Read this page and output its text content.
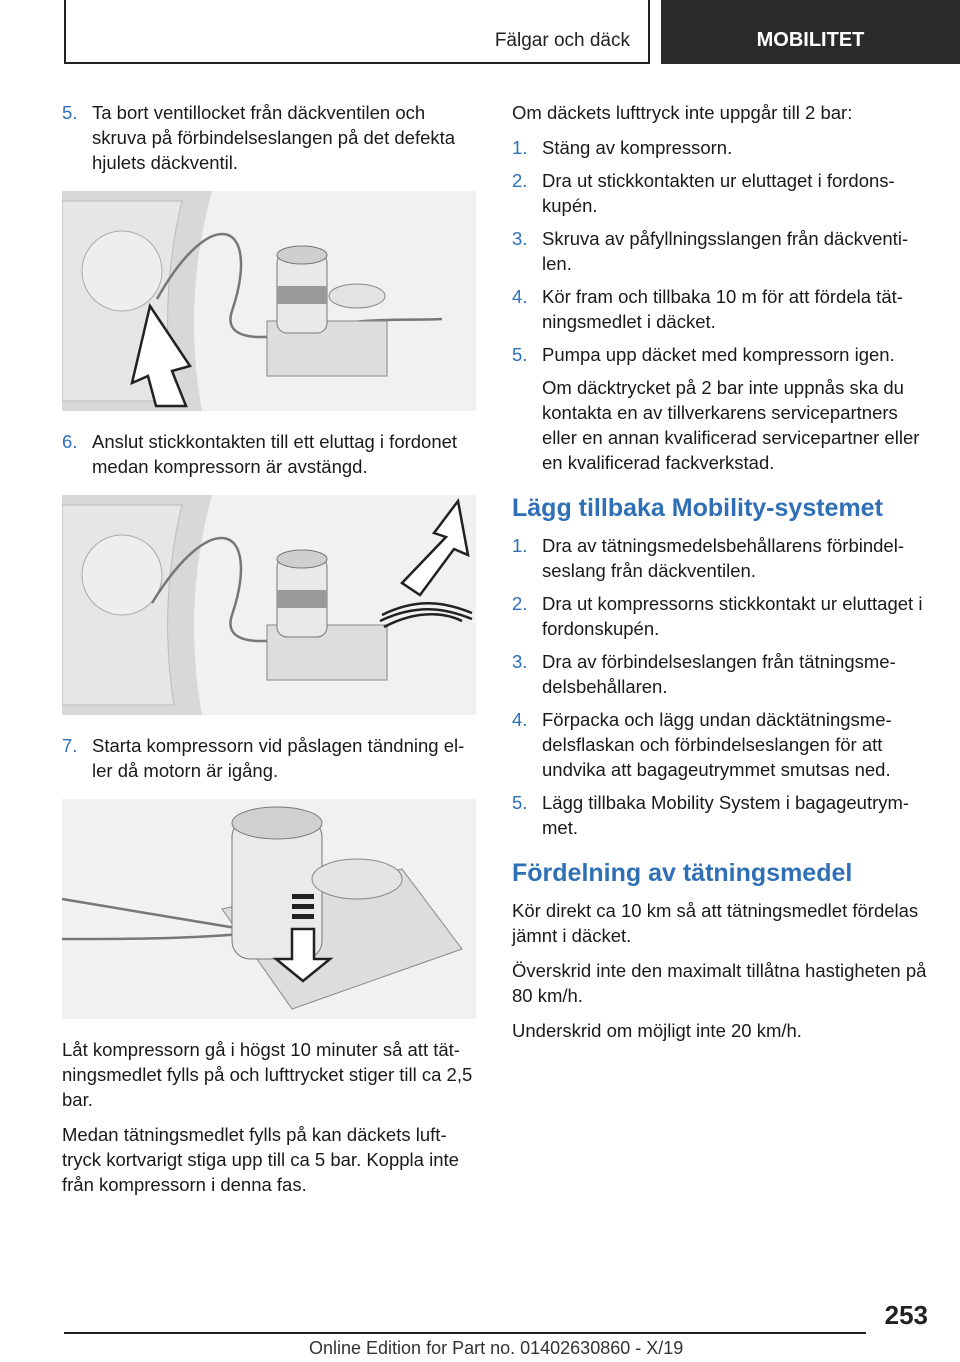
Fälgar och däck	MOBILITET
5. Ta bort ventillocket från däckventilen och skruva på förbindelseslangen på det defekta hjulets däckventil.
6. Anslut stickkontakten till ett eluttag i fordonet medan kompressorn är avstängd.
7. Starta kompressorn vid påslagen tändning eller då motorn är igång.

Låt kompressorn gå i högst 10 minuter så att tätningsmedlet fylls på och lufttrycket stiger till ca 2,5 bar.

Medan tätningsmedlet fylls på kan däckets lufttryck kortvarigt stiga upp till ca 5 bar. Koppla inte från kompressorn i denna fas.

Om däckets lufttryck inte uppgår till 2 bar:

1. Stäng av kompressorn.
2. Dra ut stickkontakten ur eluttaget i fordonskupén.
3. Skruva av påfyllningsslangen från däckventilen.
4. Kör fram och tillbaka 10 m för att fördela tätningsmedlet i däcket.
5. Pumpa upp däcket med kompressorn igen.

Om däcktrycket på 2 bar inte uppnås ska du kontakta en av tillverkarens servicepartners eller en annan kvalificerad servicepartner eller en kvalificerad fackverkstad.

Lägg tillbaka Mobility-systemet
1. Dra av tätningsmedelsbehållarens förbindelseslang från däckventilen.
2. Dra ut kompressorns stickkontakt ur eluttaget i fordonskupén.
3. Dra av förbindelseslangen från tätningsmedelsbehållaren.
4. Förpacka och lägg undan däcktätningsmedelsflaskan och förbindelseslangen för att undvika att bagageutrymmet smutsas ned.
5. Lägg tillbaka Mobility System i bagageutrymmet.
Fördelning av tätningsmedel

Kör direkt ca 10 km så att tätningsmedlet fördelas jämnt i däcket.

Överskrid inte den maximalt tillåtna hastigheten på 80 km/h.

Underskrid om möjligt inte 20 km/h.

253
Online Edition for Part no. 01402630860 - X/19
